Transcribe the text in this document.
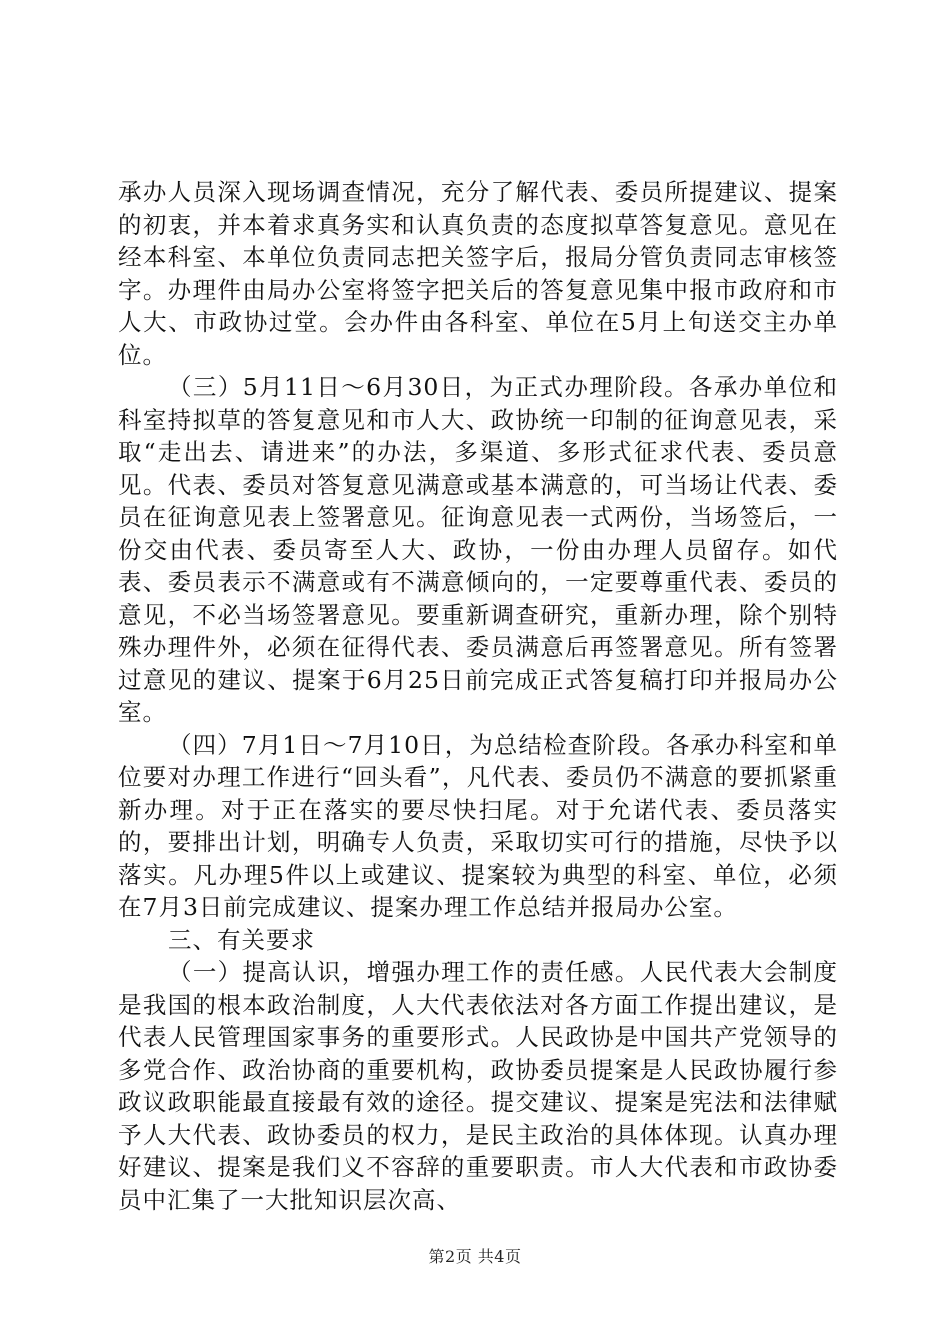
承办人员深入现场调查情况，充分了解代表、委员所提建议、提案的初衷，并本着求真务实和认真负责的态度拟草答复意见。意见在经本科室、本单位负责同志把关签字后，报局分管负责同志审核签字。办理件由局办公室将签字把关后的答复意见集中报市政府和市人大、市政协过堂。会办件由各科室、单位在5月上旬送交主办单位。

（三）5月11日～6月30日，为正式办理阶段。各承办单位和科室持拟草的答复意见和市人大、政协统一印制的征询意见表，采取“走出去、请进来”的办法，多渠道、多形式征求代表、委员意见。代表、委员对答复意见满意或基本满意的，可当场让代表、委员在征询意见表上签署意见。征询意见表一式两份，当场签后，一份交由代表、委员寄至人大、政协，一份由办理人员留存。如代表、委员表示不满意或有不满意倾向的，一定要尊重代表、委员的意见，不必当场签署意见。要重新调查研究，重新办理，除个别特殊办理件外，必须在征得代表、委员满意后再签署意见。所有签署过意见的建议、提案于6月25日前完成正式答复稿打印并报局办公室。

（四）7月1日～7月10日，为总结检查阶段。各承办科室和单位要对办理工作进行“回头看”，凡代表、委员仍不满意的要抓紧重新办理。对于正在落实的要尽快扫尾。对于允诺代表、委员落实的，要排出计划，明确专人负责，采取切实可行的措施，尽快予以落实。凡办理5件以上或建议、提案较为典型的科室、单位，必须在7月3日前完成建议、提案办理工作总结并报局办公室。

三、有关要求

（一）提高认识，增强办理工作的责任感。人民代表大会制度是我国的根本政治制度，人大代表依法对各方面工作提出建议，是代表人民管理国家事务的重要形式。人民政协是中国共产党领导的多党合作、政治协商的重要机构，政协委员提案是人民政协履行参政议政职能最直接最有效的途径。提交建议、提案是宪法和法律赋予人大代表、政协委员的权力，是民主政治的具体体现。认真办理好建议、提案是我们义不容辞的重要职责。市人大代表和市政协委员中汇集了一大批知识层次高、

第2页 共4页
